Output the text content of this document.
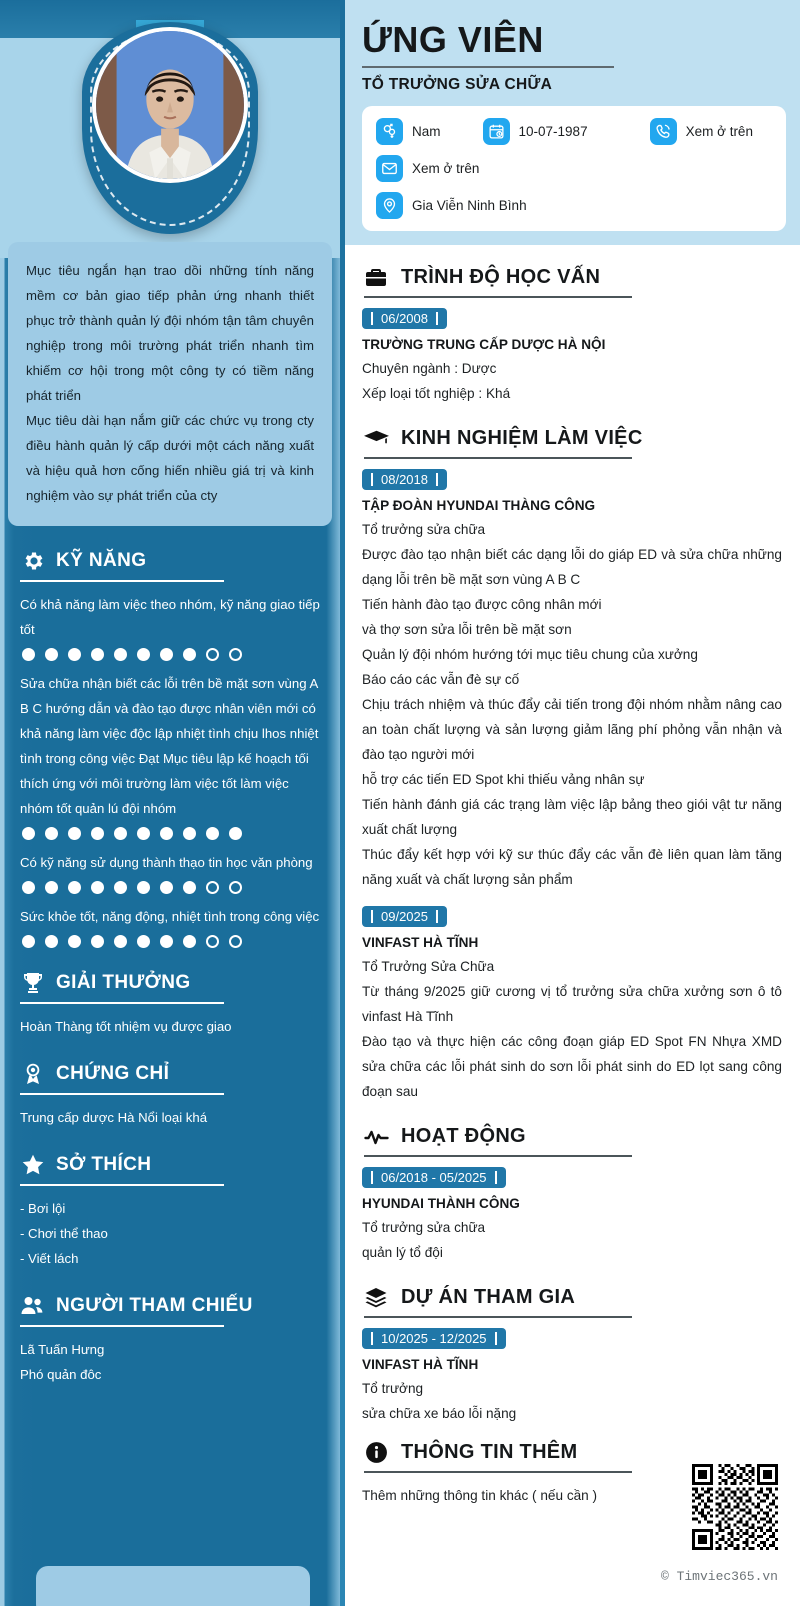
Mục tiêu ngắn hạn trao dồi những tính năng mềm cơ bản giao tiếp phản ứng nhanh thiết phục trở thành quản lý đội nhóm tận tâm chuyên nghiệp trong môi trường phát triển nhanh tìm khiếm cơ hội trong một công ty có tiềm năng phát triển

Mục tiêu dài hạn nắm giữ các chức vụ trong cty điều hành quản lý cấp dưới một cách năng xuất và hiệu quả hơn cống hiến nhiều giá trị và kinh nghiệm vào sự phát triển của cty

KỸ NĂNG
Có khả năng làm việc theo nhóm, kỹ năng giao tiếp tốt
Sửa chữa nhận biết các lỗi trên bề mặt sơn vùng A B C hướng dẫn và đào tạo được nhân viên mới có khả năng làm việc độc lập nhiệt tình chịu lhos nhiệt tình trong công việc Đạt Mục tiêu lập kế hoạch tối thích ứng với môi trường làm việc tốt làm việc nhóm tốt quản lú đội nhóm
Có kỹ năng sử dụng thành thạo tin học văn phòng
Sức khỏe tốt, năng động, nhiệt tình trong công việc
GIẢI THƯỞNG
Hoàn Thàng tốt nhiệm vụ được giao
CHỨNG CHỈ
Trung cấp dược Hà Nổi loại khá
SỞ THÍCH
- Bơi lội
- Chơi thể thao
- Viết lách
NGƯỜI THAM CHIẾU
Lã Tuấn Hưng
Phó quản đôc
ỨNG VIÊN
TỔ TRƯỞNG SỬA CHỮA
Nam	10-07-1987	Xem ở trên
Xem ở trên
Gia Viễn Ninh Bình
TRÌNH ĐỘ HỌC VẤN
06/2008
TRƯỜNG TRUNG CẤP DƯỢC HÀ NỘI
Chuyên ngành : Dược
Xếp loại tốt nghiệp : Khá
KINH NGHIỆM LÀM VIỆC
08/2018
TẬP ĐOÀN HYUNDAI THÀNG CÔNG
Tổ trưởng sửa chữa
Được đào tạo nhận biết các dạng lỗi do giáp ED và sửa chữa những dạng lỗi trên bề mặt sơn vùng A B C
Tiến hành đào tạo được công nhân mới
và thợ sơn sửa lỗi trên bề mặt sơn
Quản lý đội nhóm hướng tới mục tiêu chung của xưởng
Báo cáo các vẫn đè sự cố
Chịu trách nhiệm và thúc đẩy cải tiến trong đội nhóm nhằm nâng cao an toàn chất lượng và sản lượng giảm lãng phí phỏng vẫn nhận và đào tạo người mới
hỗ trợ các tiến ED Spot khi thiếu vảng nhân sự
Tiến hành đánh giá các trạng làm việc lập bảng theo giói vật tư năng xuất chất lượng
Thúc đẩy kết hợp với kỹ sư thúc đẩy các vẫn đè liên quan làm tăng năng xuất và chất lượng sản phẩm
09/2025
VINFAST HÀ TĨNH
Tổ Trưởng Sửa Chữa
Từ tháng 9/2025 giữ cương vị tổ trưởng sửa chữa xưởng sơn ô tô vinfast Hà Tĩnh
Đào tạo và thực hiện các công đoạn giáp ED Spot FN Nhựa XMD sửa chữa các lỗi phát sinh do sơn lỗi phát sinh do ED lọt sang công đoạn sau
HOẠT ĐỘNG
06/2018 - 05/2025
HYUNDAI THÀNH CÔNG
Tổ trưởng sửa chữa
quản lý tổ đội
DỰ ÁN THAM GIA
10/2025 - 12/2025
VINFAST HÀ TĨNH
Tổ trưởng
sửa chữa xe báo lỗi nặng
THÔNG TIN THÊM
Thêm những thông tin khác ( nếu cần )
© Timviec365.vn
